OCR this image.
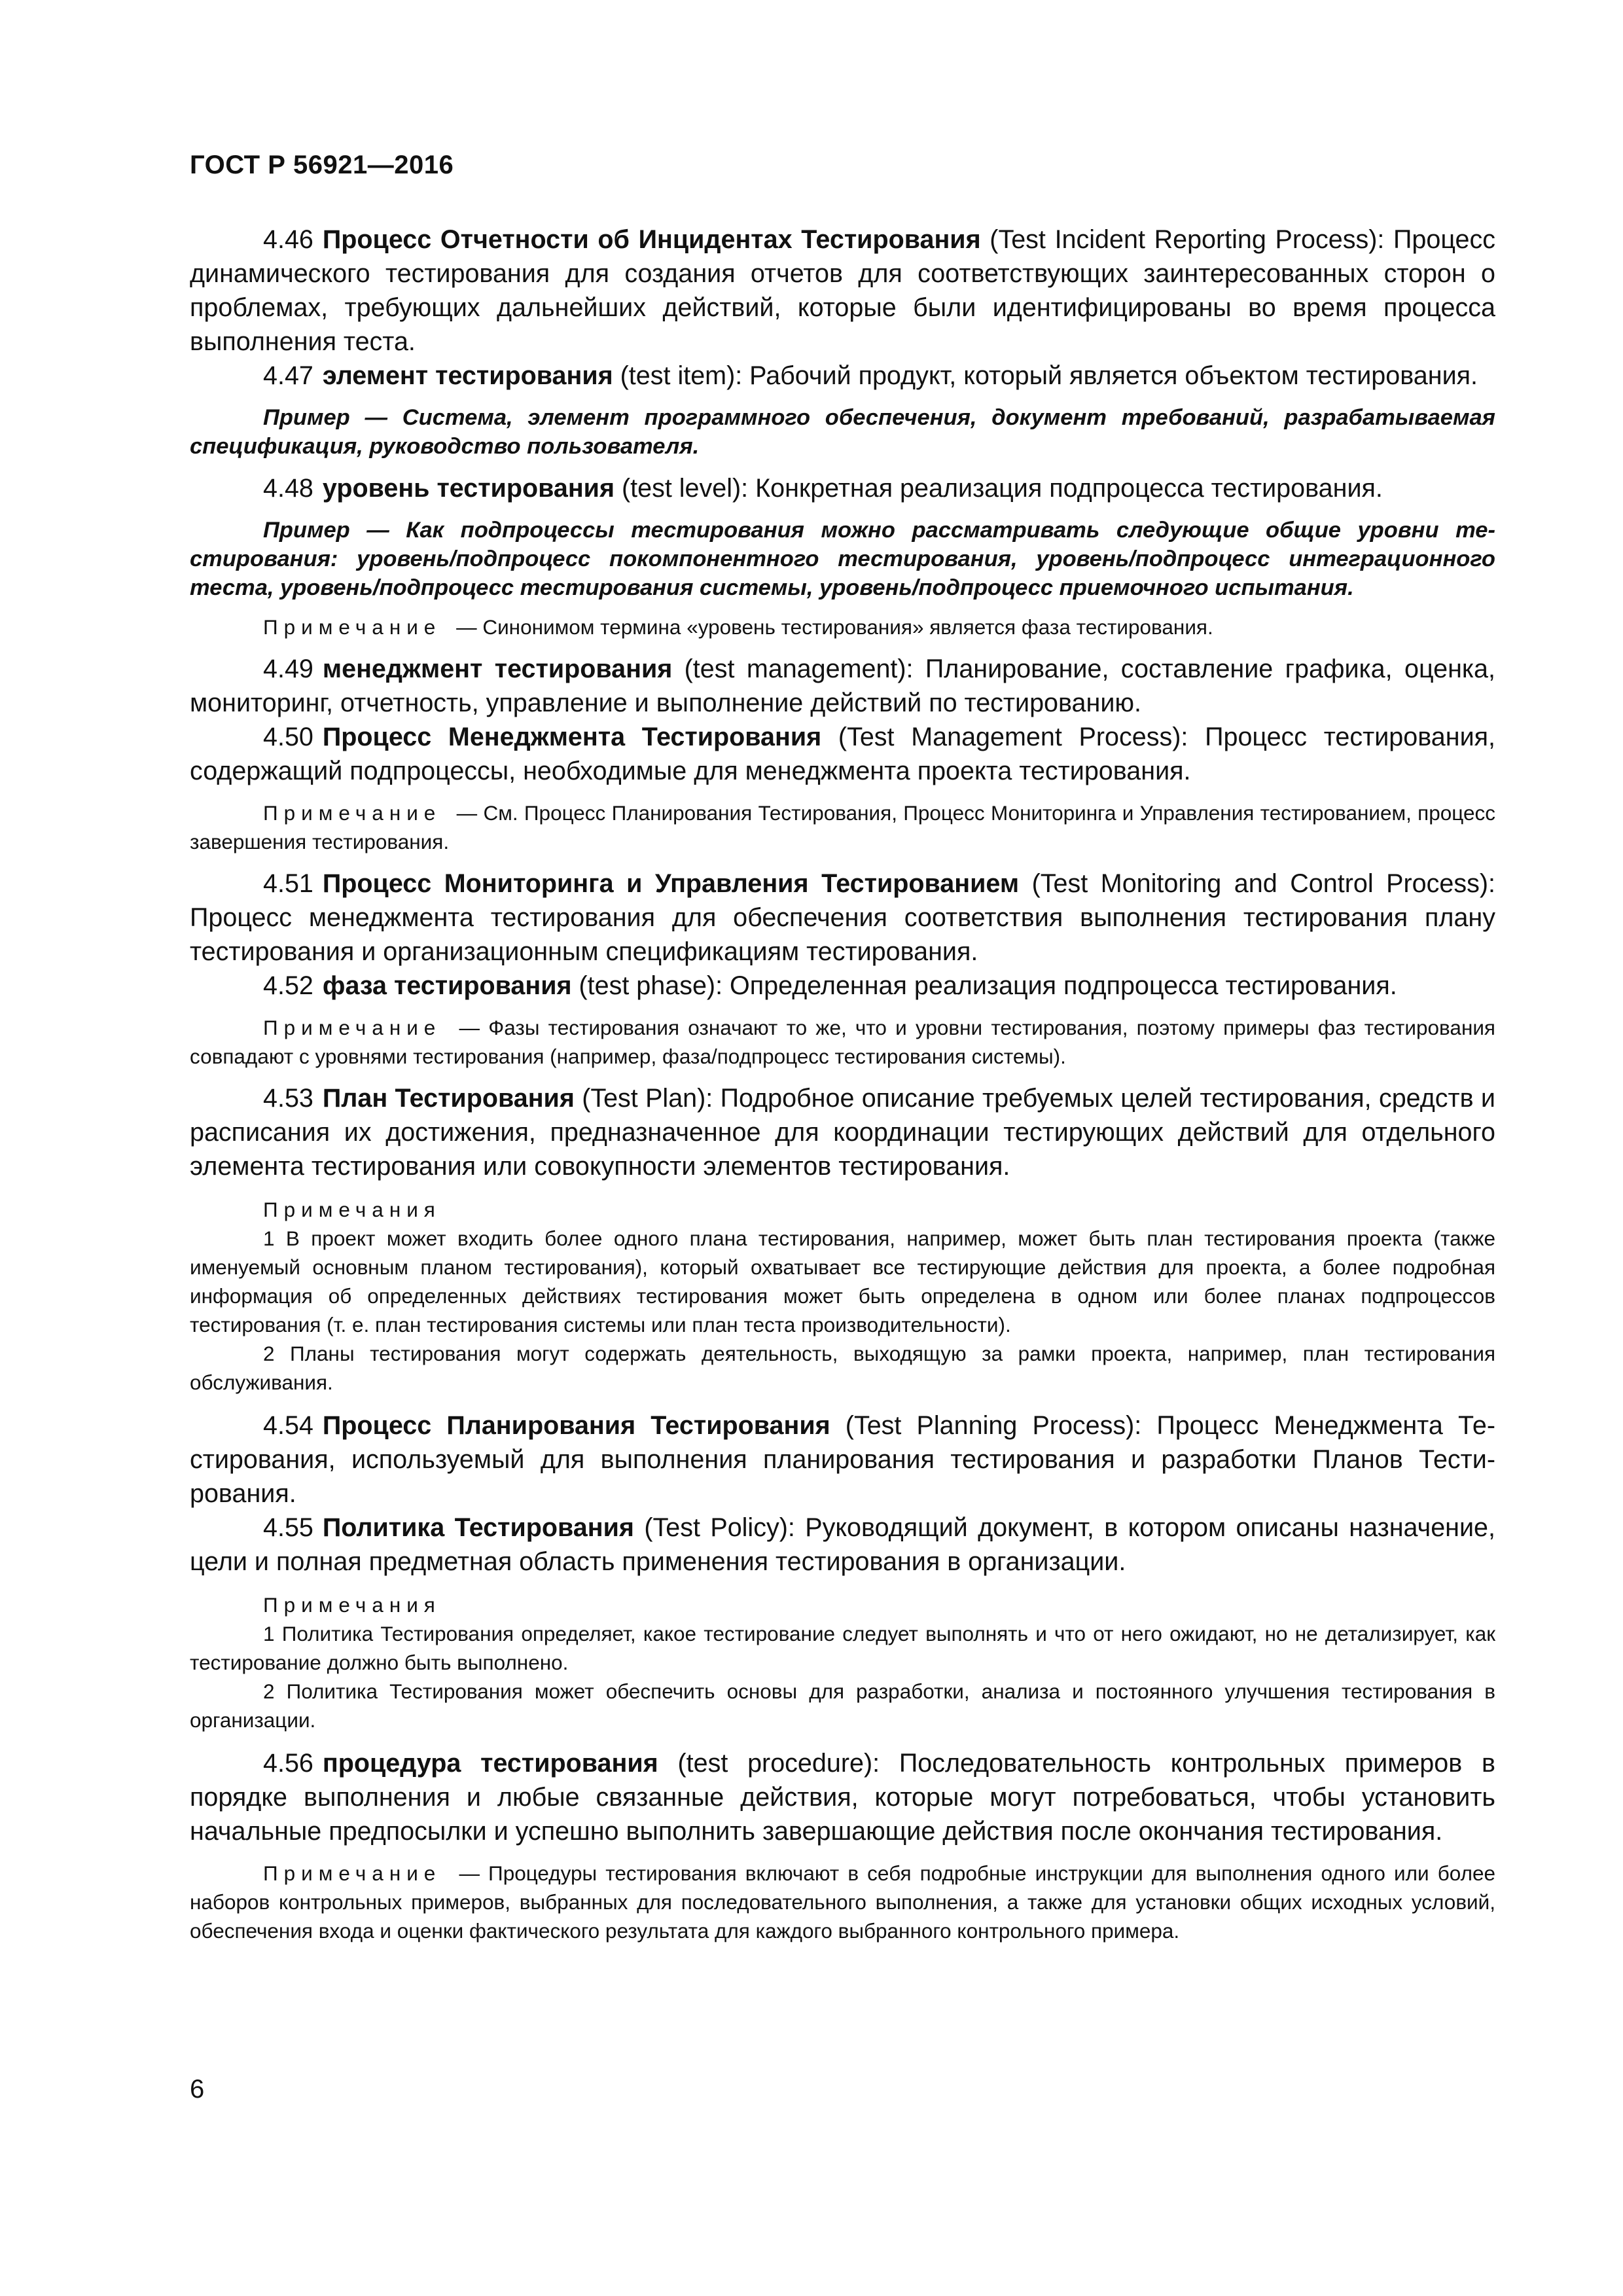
ГОСТ Р 56921—2016

4.46 Процесс Отчетности об Инцидентах Тестирования (Test Incident Reporting Process): Процесс динамического тестирования для создания отчетов для соответствующих заинтересованных сторон о проблемах, требующих дальнейших действий, которые были идентифицированы во время процесса выполнения теста.

4.47 элемент тестирования (test item): Рабочий продукт, который является объектом тестирования.

Пример — Система, элемент программного обеспечения, документ требований, разрабатываемая спецификация, руководство пользователя.

4.48 уровень тестирования (test level): Конкретная реализация подпроцесса тестирования.

Пример — Как подпроцессы тестирования можно рассматривать следующие общие уровни тестирования: уровень/подпроцесс покомпонентного тестирования, уровень/подпроцесс интеграционного теста, уровень/подпроцесс тестирования системы, уровень/подпроцесс приемочного испытания.

Примечание — Синонимом термина «уровень тестирования» является фаза тестирования.

4.49 менеджмент тестирования (test management): Планирование, составление графика, оценка, мониторинг, отчетность, управление и выполнение действий по тестированию.

4.50 Процесс Менеджмента Тестирования (Test Management Process): Процесс тестирования, содержащий подпроцессы, необходимые для менеджмента проекта тестирования.

Примечание — См. Процесс Планирования Тестирования, Процесс Мониторинга и Управления тестированием, процесс завершения тестирования.

4.51 Процесс Мониторинга и Управления Тестированием (Test Monitoring and Control Process): Процесс менеджмента тестирования для обеспечения соответствия выполнения тестирования плану тестирования и организационным спецификациям тестирования.

4.52 фаза тестирования (test phase): Определенная реализация подпроцесса тестирования.

Примечание — Фазы тестирования означают то же, что и уровни тестирования, поэтому примеры фаз тестирования совпадают с уровнями тестирования (например, фаза/подпроцесс тестирования системы).

4.53 План Тестирования (Test Plan): Подробное описание требуемых целей тестирования, средств и расписания их достижения, предназначенное для координации тестирующих действий для отдельного элемента тестирования или совокупности элементов тестирования.

Примечания

1 В проект может входить более одного плана тестирования, например, может быть план тестирования проекта (также именуемый основным планом тестирования), который охватывает все тестирующие действия для проекта, а более подробная информация об определенных действиях тестирования может быть определена в одном или более планах подпроцессов тестирования (т. е. план тестирования системы или план теста производительности).

2 Планы тестирования могут содержать деятельность, выходящую за рамки проекта, например, план тестирования обслуживания.

4.54 Процесс Планирования Тестирования (Test Planning Process): Процесс Менеджмента Тестирования, используемый для выполнения планирования тестирования и разработки Планов Тестирования.

4.55 Политика Тестирования (Test Policy): Руководящий документ, в котором описаны назначение, цели и полная предметная область применения тестирования в организации.

Примечания

1 Политика Тестирования определяет, какое тестирование следует выполнять и что от него ожидают, но не детализирует, как тестирование должно быть выполнено.

2 Политика Тестирования может обеспечить основы для разработки, анализа и постоянного улучшения тестирования в организации.

4.56 процедура тестирования (test procedure): Последовательность контрольных примеров в порядке выполнения и любые связанные действия, которые могут потребоваться, чтобы установить начальные предпосылки и успешно выполнить завершающие действия после окончания тестирования.

Примечание — Процедуры тестирования включают в себя подробные инструкции для выполнения одного или более наборов контрольных примеров, выбранных для последовательного выполнения, а также для установки общих исходных условий, обеспечения входа и оценки фактического результата для каждого выбранного контрольного примера.

6
